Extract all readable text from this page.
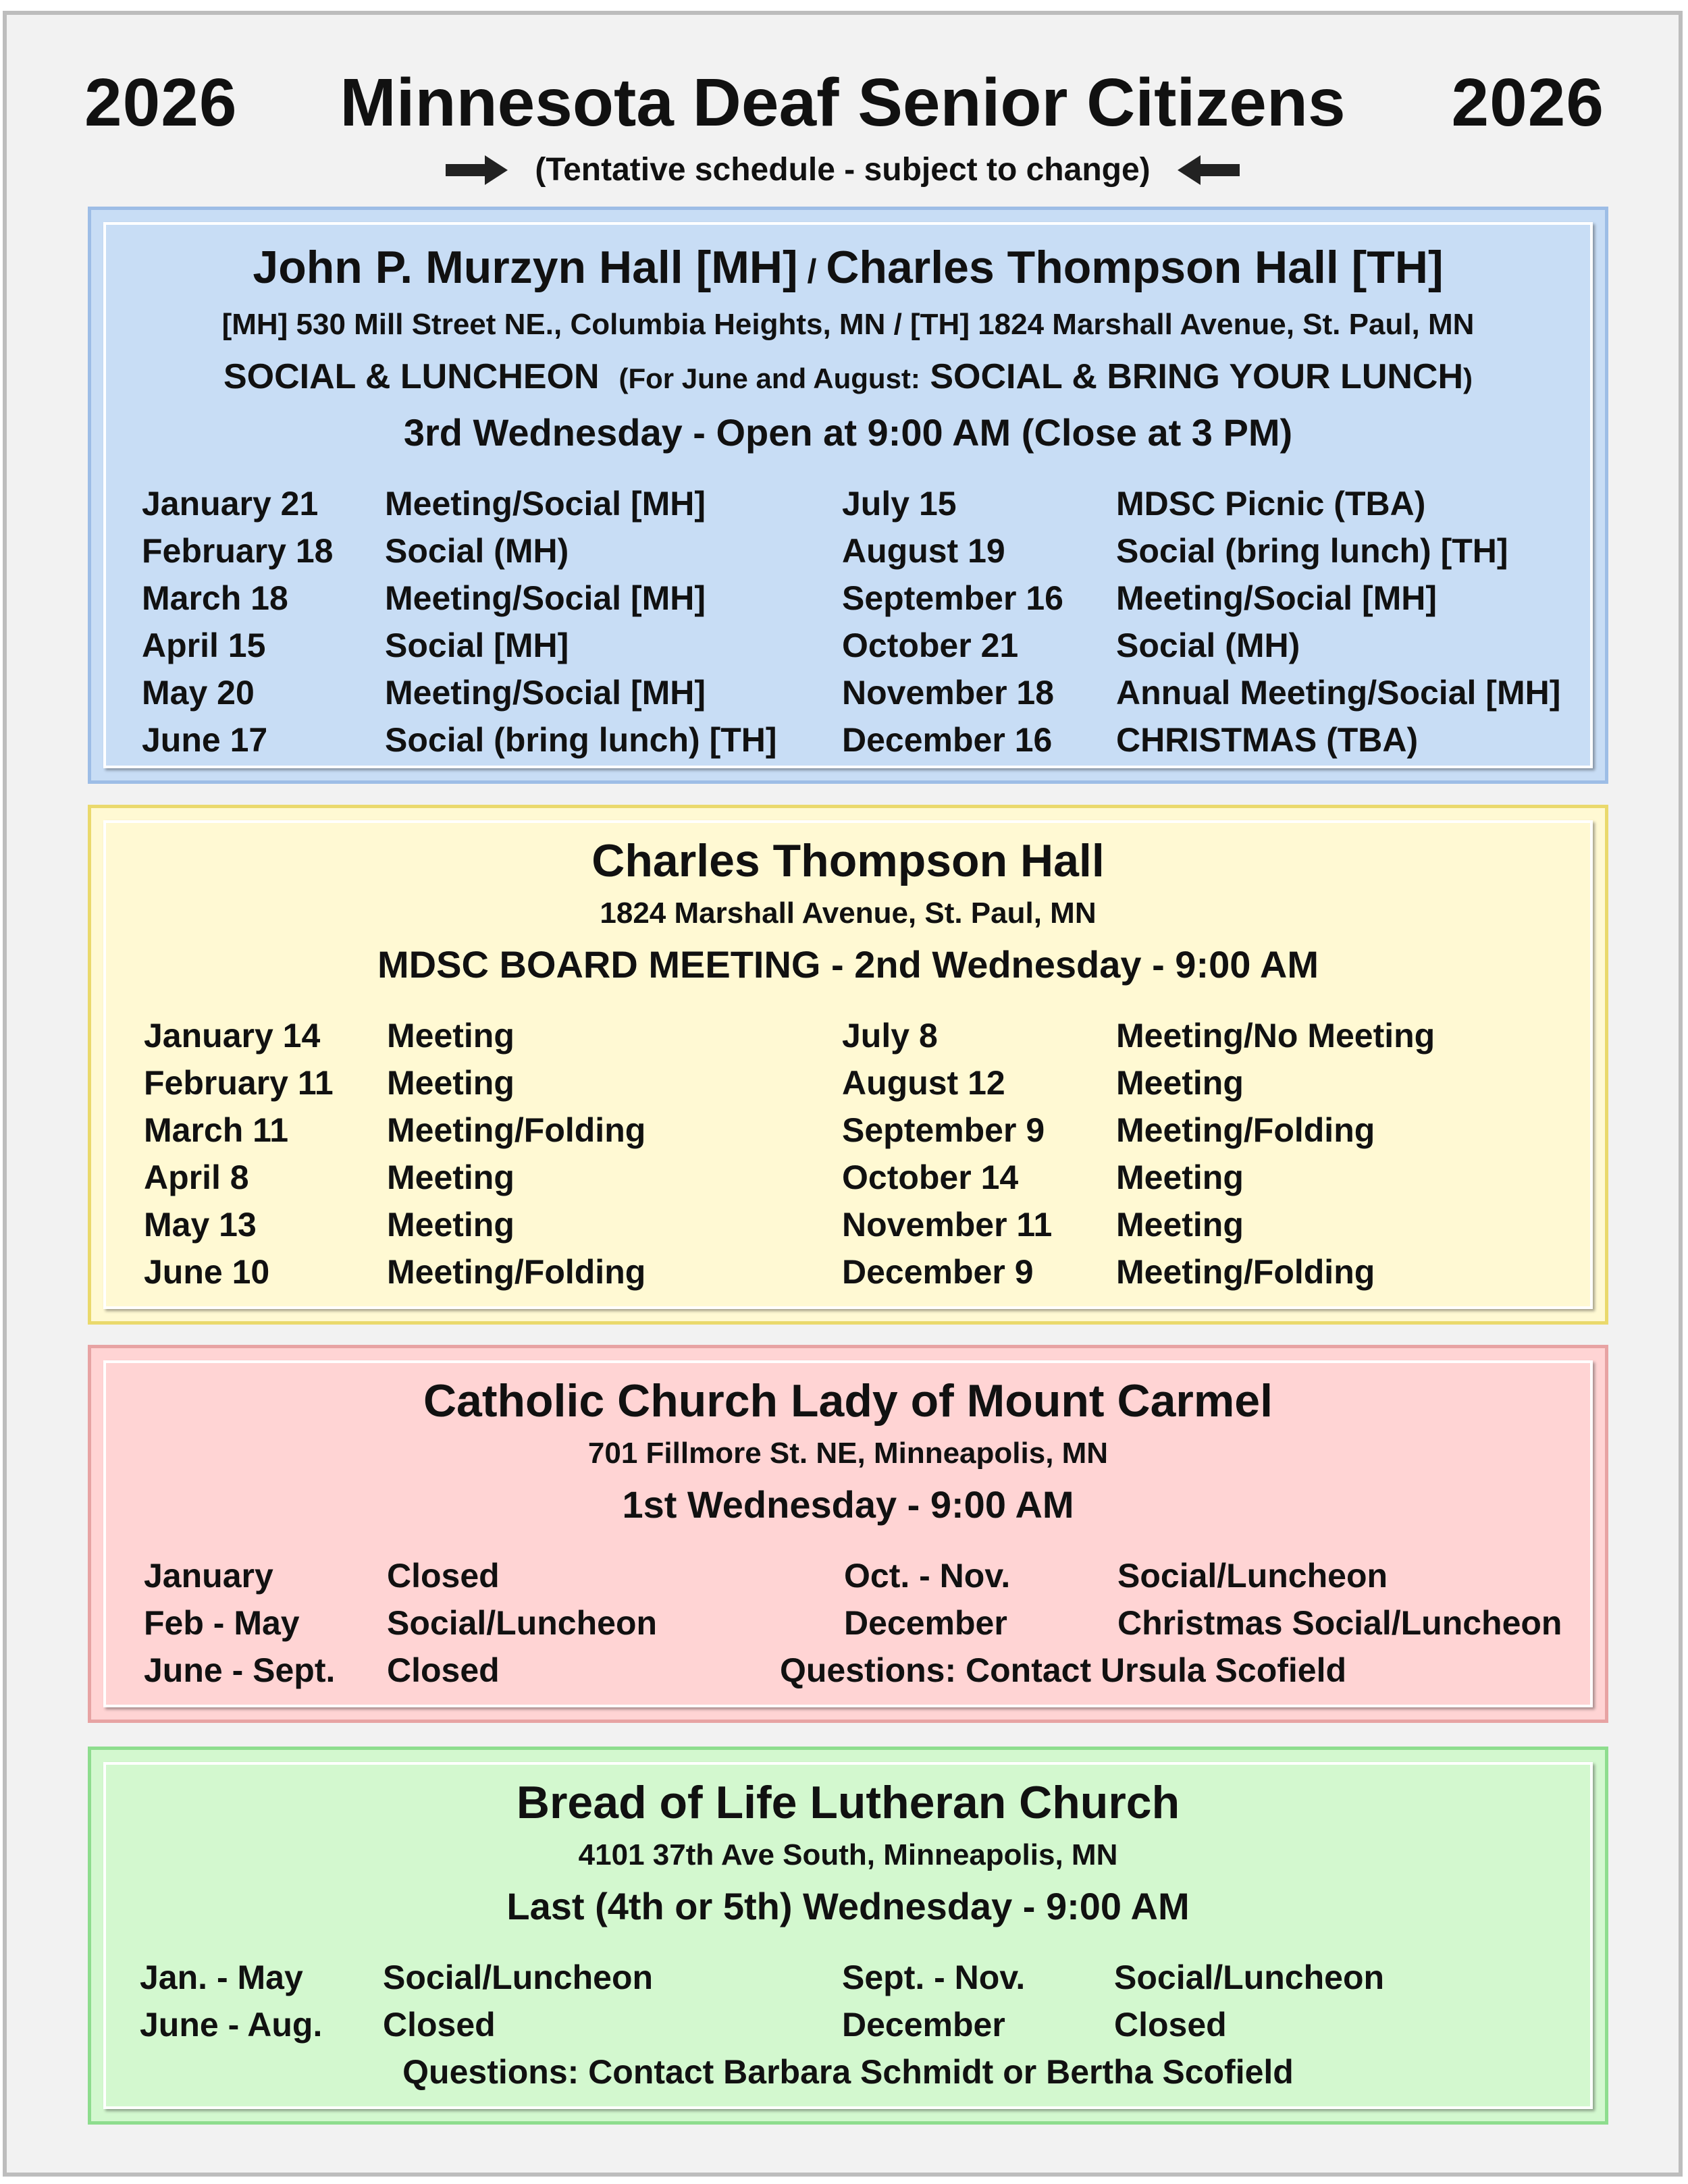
2026	Minnesota Deaf Senior Citizens	2026
(Tentative schedule - subject to change)
John P. Murzyn Hall [MH] / Charles Thompson Hall [TH]
[MH] 530 Mill Street NE., Columbia Heights, MN / [TH] 1824 Marshall Avenue, St. Paul, MN
SOCIAL & LUNCHEON (For June and August: SOCIAL & BRING YOUR LUNCH)
3rd Wednesday - Open at 9:00 AM (Close at 3 PM)
January 21 Meeting/Social [MH]	July 15	MDSC Picnic (TBA)
February 18 Social (MH)	August 19	Social (bring lunch) [TH]
March 18	Meeting/Social [MH]	September 16 Meeting/Social [MH]
April 15	Social [MH]	October 21	Social (MH)
May 20	Meeting/Social [MH]	November 18 Annual Meeting/Social [MH]
June 17	Social (bring lunch) [TH] December 16 CHRISTMAS (TBA)
Charles Thompson Hall
1824 Marshall Avenue, St. Paul, MN
MDSC BOARD MEETING - 2nd Wednesday - 9:00 AM
January 14 Meeting	July 8	Meeting/No Meeting
February 11 Meeting	August 12	Meeting
March 11	Meeting/Folding	September 9 Meeting/Folding
April 8	Meeting	October 14	Meeting
May 13	Meeting	November 11 Meeting
June 10	Meeting/Folding	December 9 Meeting/Folding
Catholic Church Lady of Mount Carmel
701 Fillmore St. NE, Minneapolis, MN
1st Wednesday - 9:00 AM
January	Closed	Oct. - Nov.	Social/Luncheon
Feb - May	Social/Luncheon	December	Christmas Social/Luncheon
June - Sept. Closed	Questions: Contact Ursula Scofield
Bread of Life Lutheran Church
4101 37th Ave South, Minneapolis, MN
Last (4th or 5th) Wednesday - 9:00 AM
Jan. - May Social/Luncheon	Sept. - Nov.	Social/Luncheon
June - Aug. Closed	December	Closed
Questions: Contact Barbara Schmidt or Bertha Scofield
